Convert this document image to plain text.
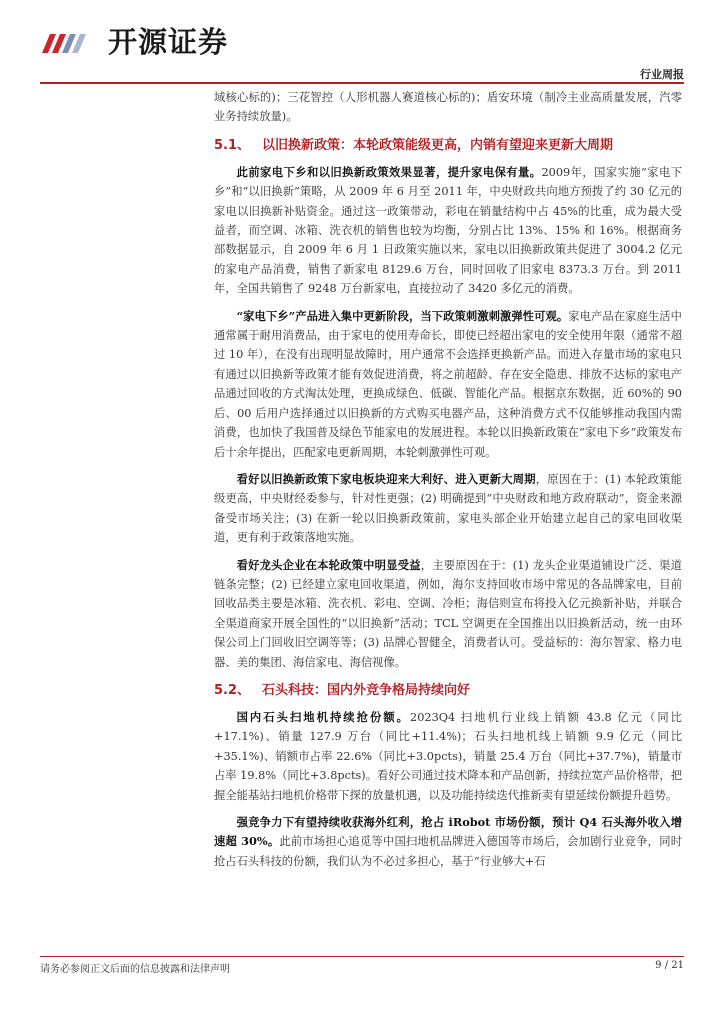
开源证券
行业周报

域核心标的)；三花智控（人形机器人赛道核心标的)；盾安环境（制冷主业高质量发展，汽零业务持续放量)。

5.1、 以旧换新政策：本轮政策能级更高，内销有望迎来更新大周期

此前家电下乡和以旧换新政策效果显著，提升家电保有量。2009年，国家实施“家电下乡”和“以旧换新”策略，从 2009 年 6 月至 2011 年，中央财政共向地方预拨了约 30 亿元的家电以旧换新补贴资金。通过这一政策带动，彩电在销量结构中占 45%的比重，成为最大受益者，而空调、冰箱、洗衣机的销售也较为均衡，分别占比 13%、15% 和 16%。根据商务部数据显示，自 2009 年 6 月 1 日政策实施以来，家电以旧换新政策共促进了 3004.2 亿元的家电产品消费，销售了新家电 8129.6 万台，同时回收了旧家电 8373.3 万台。到 2011 年，全国共销售了 9248 万台新家电，直接拉动了 3420 多亿元的消费。

“家电下乡”产品进入集中更新阶段，当下政策刺激刺激弹性可观。家电产品在家庭生活中通常属于耐用消费品，由于家电的使用寿命长，即使已经超出家电的安全使用年限（通常不超过 10 年），在没有出现明显故障时，用户通常不会选择更换新产品。而进入存量市场的家电只有通过以旧换新等政策才能有效促进消费，将之前超龄、存在安全隐患、排放不达标的家电产品通过回收的方式淘汰处理，更换成绿色、低碳、智能化产品。根据京东数据，近 60%的 90 后、00 后用户选择通过以旧换新的方式购买电器产品，这种消费方式不仅能够推动我国内需消费，也加快了我国普及绿色节能家电的发展进程。本轮以旧换新政策在“家电下乡”政策发布后十余年提出，匹配家电更新周期，本轮刺激弹性可观。

看好以旧换新政策下家电板块迎来大利好、进入更新大周期，原因在于：(1) 本轮政策能级更高，中央财经委参与，针对性更强；(2) 明确提到“中央财政和地方政府联动”，资金来源备受市场关注；(3) 在新一轮以旧换新政策前，家电头部企业开始建立起自己的家电回收渠道，更有利于政策落地实施。

看好龙头企业在本轮政策中明显受益，主要原因在于：(1) 龙头企业渠道铺设广泛、渠道链条完整；(2) 已经建立家电回收渠道，例如，海尔支持回收市场中常见的各品牌家电，目前回收品类主要是冰箱、洗衣机、彩电、空调、冷柜；海信则宣布将投入亿元换新补贴，并联合全渠道商家开展全国性的“以旧换新”活动；TCL 空调更在全国推出以旧换新活动，统一由环保公司上门回收旧空调等等；(3) 品牌心智健全，消费者认可。受益标的：海尔智家、格力电器、美的集团、海信家电、海信视像。

5.2、 石头科技：国内外竞争格局持续向好

国内石头扫地机持续抢份额。2023Q4 扫地机行业线上销额 43.8 亿元（同比+17.1%)、销量 127.9 万台（同比+11.4%)；石头扫地机线上销额 9.9 亿元（同比+35.1%)、销额市占率 22.6%（同比+3.0pcts)，销量 25.4 万台（同比+37.7%)，销量市占率 19.8%（同比+3.8pcts)。看好公司通过技术降本和产品创新，持续拉宽产品价格带，把握全能基站扫地机价格带下探的放量机遇，以及功能持续迭代推新卖有望延续份额提升趋势。

强竞争力下有望持续收获海外红利，抢占 iRobot 市场份额，预计 Q4 石头海外收入增速超 30%。此前市场担心追觅等中国扫地机品牌进入德国等市场后，会加剧行业竞争，同时抢占石头科技的份额，我们认为不必过多担心，基于“行业够大+石

请务必参阅正文后面的信息披露和法律声明	9 / 21
